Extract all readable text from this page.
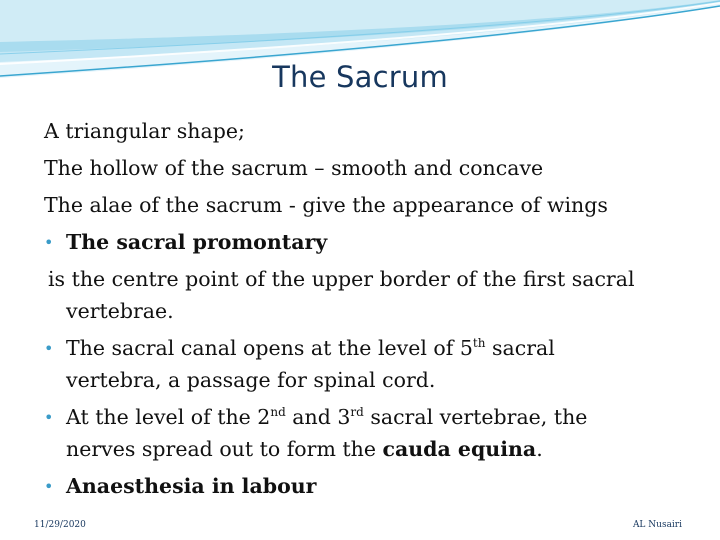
The Sacrum

A triangular shape;

The hollow of the sacrum – smooth and concave

The alae of the sacrum - give the appearance of wings

• The sacral promontary

is the centre point of the upper border of the first sacral

vertebrae.

• The sacral canal opens at the level of 5th sacral

vertebra, a passage for spinal cord.

• At the level of the 2nd and 3rd sacral vertebrae, the

nerves spread out to form the cauda equina.

• Anaesthesia in labour

11/29/2020	AL Nusairi
